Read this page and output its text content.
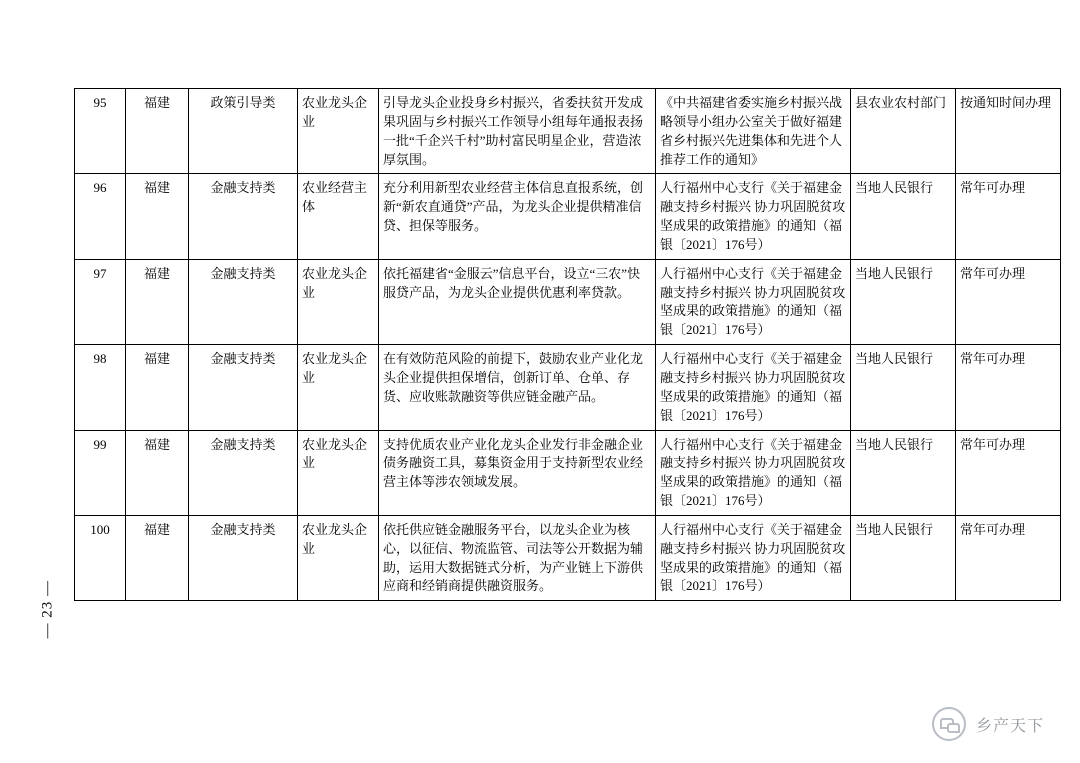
95	福建	政策引导类	农业龙头企业	引导龙头企业投身乡村振兴，省委扶贫开发成果巩固与乡村振兴工作领导小组每年通报表扬一批“千企兴千村”助村富民明星企业，营造浓厚氛围。	《中共福建省委实施乡村振兴战略领导小组办公室关于做好福建省乡村振兴先进集体和先进个人推荐工作的通知》	县农业农村部门	按通知时间办理
96	福建	金融支持类	农业经营主体	充分利用新型农业经营主体信息直报系统，创新“新农直通贷”产品，为龙头企业提供精准信贷、担保等服务。	人行福州中心支行《关于福建金融支持乡村振兴 协力巩固脱贫攻坚成果的政策措施》的通知（福银〔2021〕176号）	当地人民银行	常年可办理
97	福建	金融支持类	农业龙头企业	依托福建省“金服云”信息平台，设立“三农”快服贷产品，为龙头企业提供优惠利率贷款。	人行福州中心支行《关于福建金融支持乡村振兴 协力巩固脱贫攻坚成果的政策措施》的通知（福银〔2021〕176号）	当地人民银行	常年可办理
98	福建	金融支持类	农业龙头企业	在有效防范风险的前提下，鼓励农业产业化龙头企业提供担保增信，创新订单、仓单、存货、应收账款融资等供应链金融产品。	人行福州中心支行《关于福建金融支持乡村振兴 协力巩固脱贫攻坚成果的政策措施》的通知（福银〔2021〕176号）	当地人民银行	常年可办理
99	福建	金融支持类	农业龙头企业	支持优质农业产业化龙头企业发行非金融企业债务融资工具，募集资金用于支持新型农业经营主体等涉农领域发展。	人行福州中心支行《关于福建金融支持乡村振兴 协力巩固脱贫攻坚成果的政策措施》的通知（福银〔2021〕176号）	当地人民银行	常年可办理
100	福建	金融支持类	农业龙头企业	依托供应链金融服务平台，以龙头企业为核心，以征信、物流监管、司法等公开数据为辅助，运用大数据链式分析，为产业链上下游供应商和经销商提供融资服务。	人行福州中心支行《关于福建金融支持乡村振兴 协力巩固脱贫攻坚成果的政策措施》的通知（福银〔2021〕176号）	当地人民银行	常年可办理
— 23 —
乡产天下
